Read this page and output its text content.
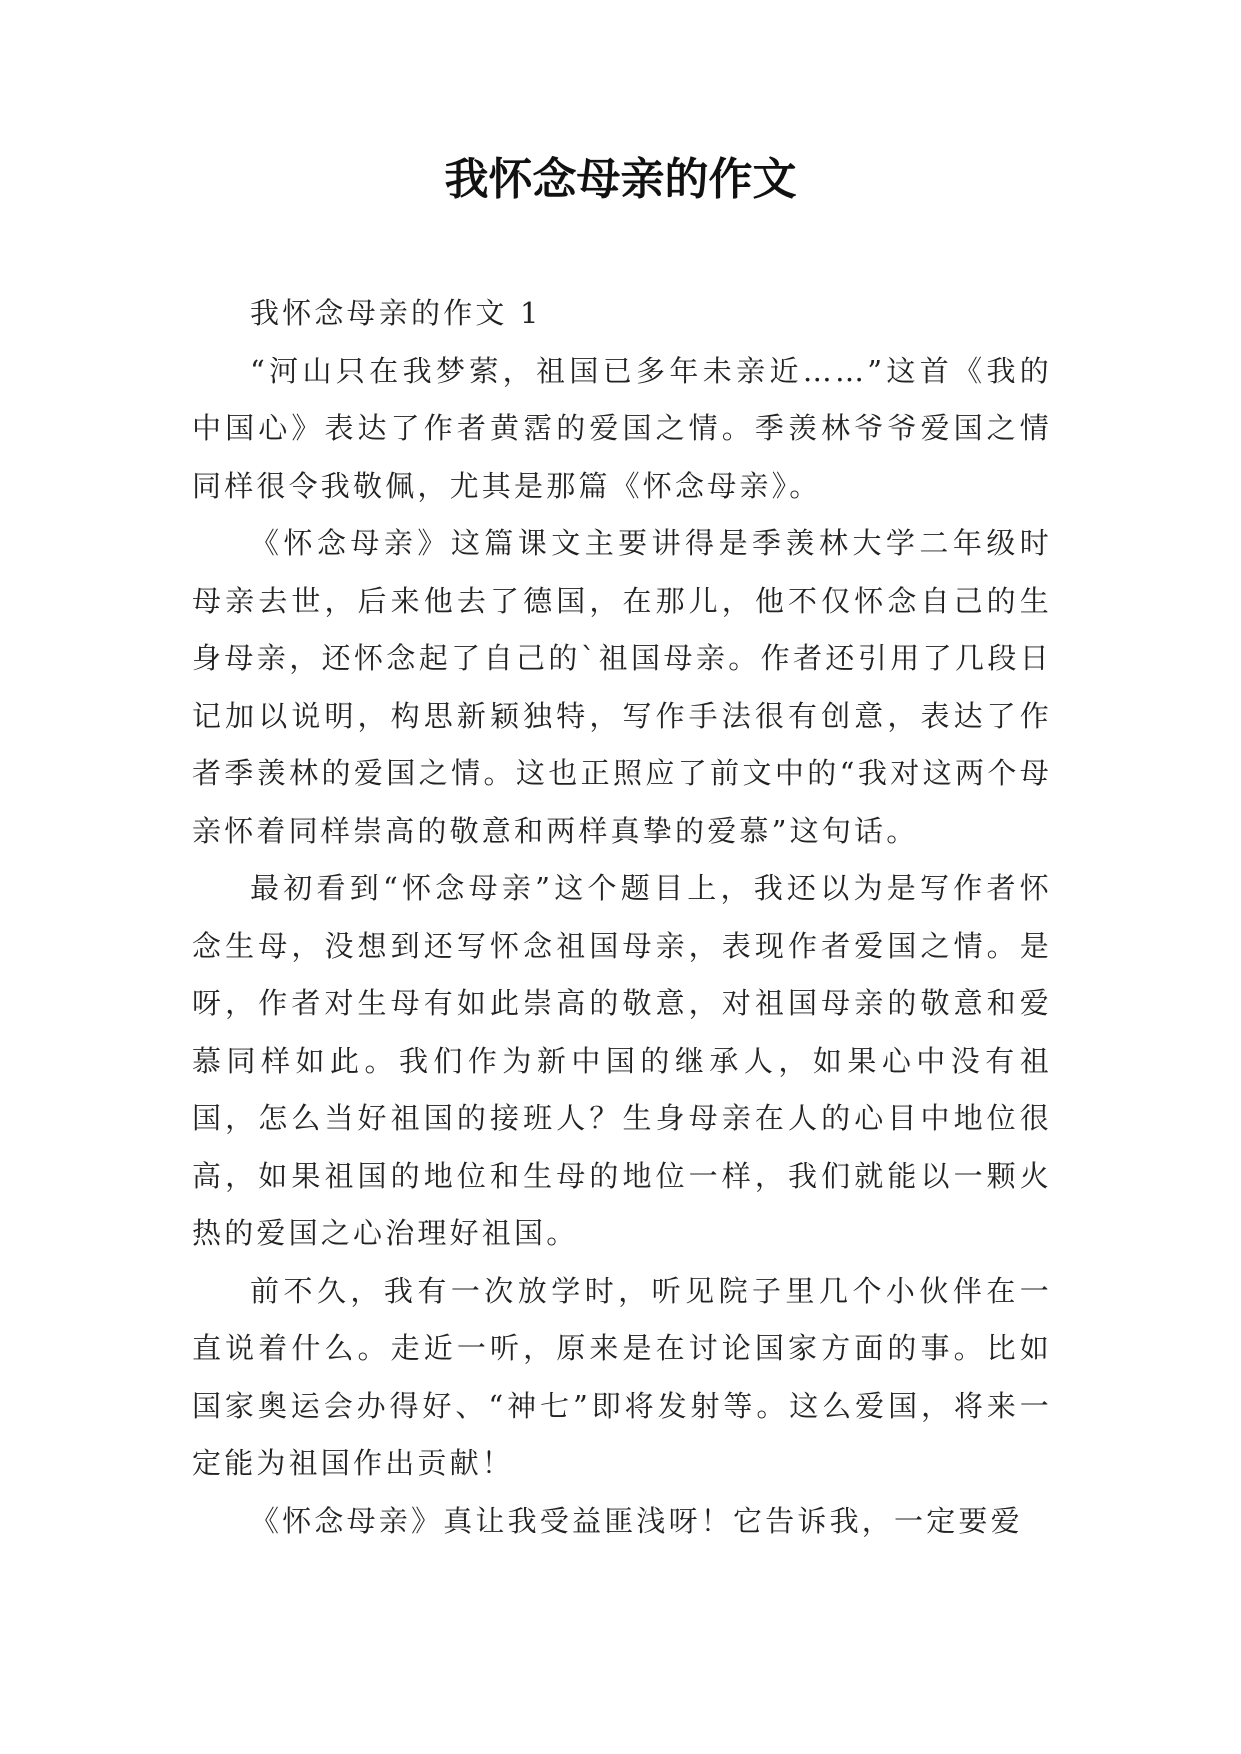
我怀念母亲的作文

我怀念母亲的作文 1

“河山只在我梦萦，祖国已多年未亲近……”这首《我的中国心》表达了作者黄霑的爱国之情。季羡林爷爷爱国之情同样很令我敬佩，尤其是那篇《怀念母亲》。

《怀念母亲》这篇课文主要讲得是季羡林大学二年级时母亲去世，后来他去了德国，在那儿，他不仅怀念自己的生身母亲，还怀念起了自己的`祖国母亲。作者还引用了几段日记加以说明，构思新颖独特，写作手法很有创意，表达了作者季羡林的爱国之情。这也正照应了前文中的“我对这两个母亲怀着同样崇高的敬意和两样真挚的爱慕”这句话。

最初看到“怀念母亲”这个题目上，我还以为是写作者怀念生母，没想到还写怀念祖国母亲，表现作者爱国之情。是呀，作者对生母有如此崇高的敬意，对祖国母亲的敬意和爱慕同样如此。我们作为新中国的继承人，如果心中没有祖国，怎么当好祖国的接班人？生身母亲在人的心目中地位很高，如果祖国的地位和生母的地位一样，我们就能以一颗火热的爱国之心治理好祖国。

前不久，我有一次放学时，听见院子里几个小伙伴在一直说着什么。走近一听，原来是在讨论国家方面的事。比如国家奥运会办得好、“神七”即将发射等。这么爱国，将来一定能为祖国作出贡献！

《怀念母亲》真让我受益匪浅呀！它告诉我，一定要爱
